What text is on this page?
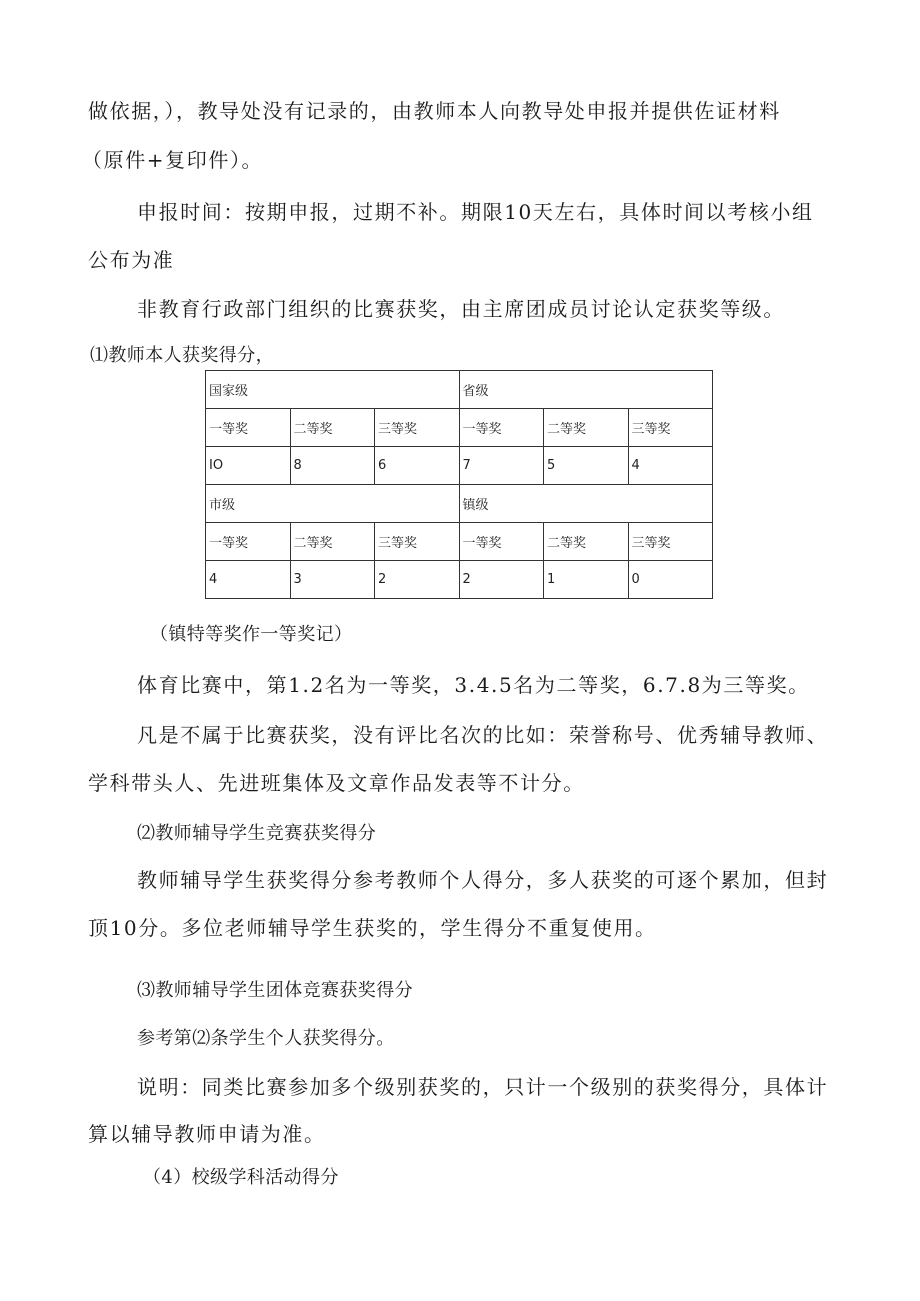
做依据，），教导处没有记录的，由教师本人向教导处申报并提供佐证材料
（原件+复印件）。
申报时间：按期申报，过期不补。期限10天左右，具体时间以考核小组
公布为准
非教育行政部门组织的比赛获奖，由主席团成员讨论认定获奖等级。
⑴教师本人获奖得分，
国家级			省级		
一等奖	二等奖	三等奖	一等奖	二等奖	三等奖
IO	8	6	7	5	4
市级			镇级		
一等奖	二等奖	三等奖	一等奖	二等奖	三等奖
4	3	2	2	1	0
（镇特等奖作一等奖记）
体育比赛中，第1.2名为一等奖，3.4.5名为二等奖，6.7.8为三等奖。
凡是不属于比赛获奖，没有评比名次的比如：荣誉称号、优秀辅导教师、
学科带头人、先进班集体及文章作品发表等不计分。
⑵教师辅导学生竞赛获奖得分
教师辅导学生获奖得分参考教师个人得分，多人获奖的可逐个累加，但封
顶10分。多位老师辅导学生获奖的，学生得分不重复使用。
⑶教师辅导学生团体竞赛获奖得分
参考第⑵条学生个人获奖得分。
说明：同类比赛参加多个级别获奖的，只计一个级别的获奖得分，具体计
算以辅导教师申请为准。
（4）校级学科活动得分
